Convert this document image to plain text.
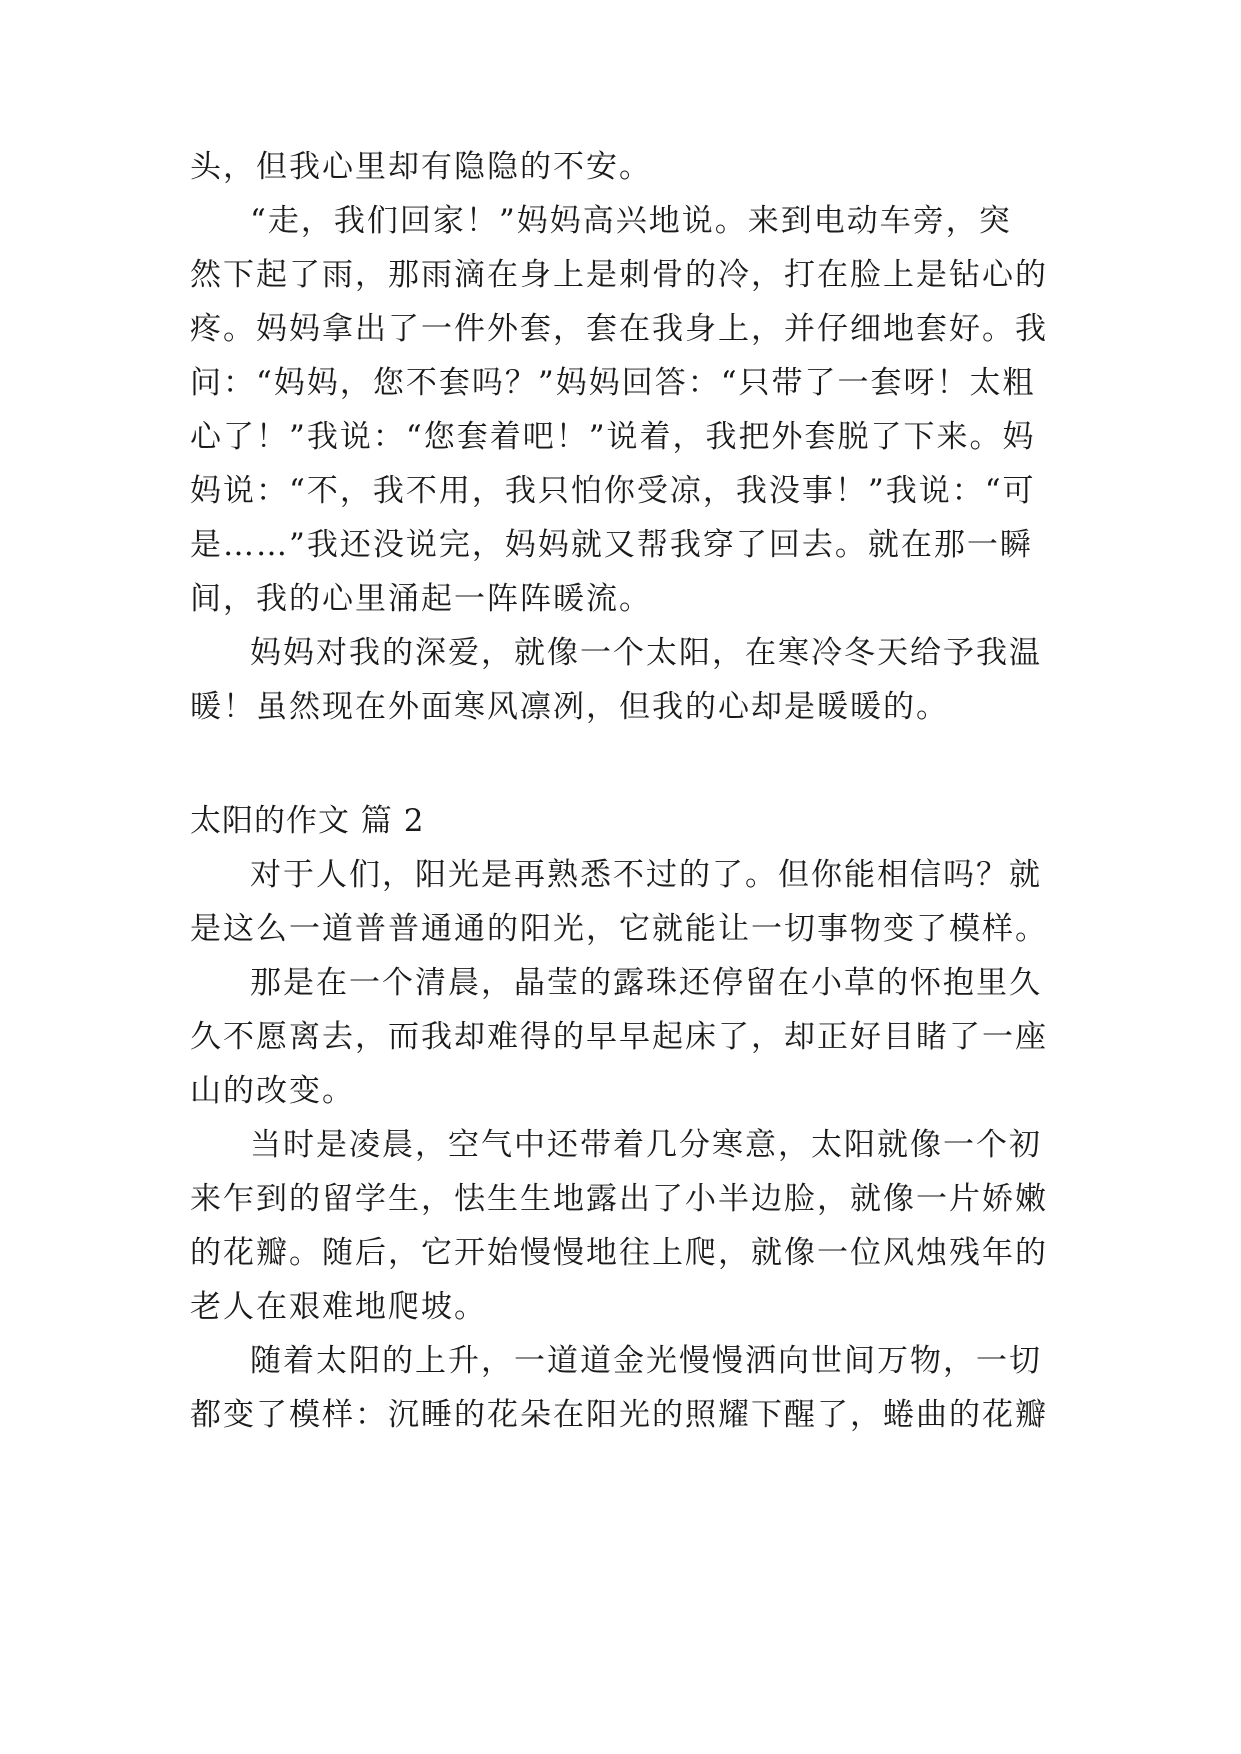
头，但我心里却有隐隐的不安。
“走，我们回家！”妈妈高兴地说。来到电动车旁，突
然下起了雨，那雨滴在身上是刺骨的冷，打在脸上是钻心的
疼。妈妈拿出了一件外套，套在我身上，并仔细地套好。我
问：“妈妈，您不套吗？”妈妈回答：“只带了一套呀！太粗
心了！”我说：“您套着吧！”说着，我把外套脱了下来。妈
妈说：“不，我不用，我只怕你受凉，我没事！”我说：“可
是……”我还没说完，妈妈就又帮我穿了回去。就在那一瞬
间，我的心里涌起一阵阵暖流。
妈妈对我的深爱，就像一个太阳，在寒冷冬天给予我温
暖！虽然现在外面寒风凛冽，但我的心却是暖暖的。
太阳的作文 篇 2
对于人们，阳光是再熟悉不过的了。但你能相信吗？就
是这么一道普普通通的阳光，它就能让一切事物变了模样。
那是在一个清晨，晶莹的露珠还停留在小草的怀抱里久
久不愿离去，而我却难得的早早起床了，却正好目睹了一座
山的改变。
当时是凌晨，空气中还带着几分寒意，太阳就像一个初
来乍到的留学生，怯生生地露出了小半边脸，就像一片娇嫩
的花瓣。随后，它开始慢慢地往上爬，就像一位风烛残年的
老人在艰难地爬坡。
随着太阳的上升，一道道金光慢慢洒向世间万物，一切
都变了模样：沉睡的花朵在阳光的照耀下醒了，蜷曲的花瓣
